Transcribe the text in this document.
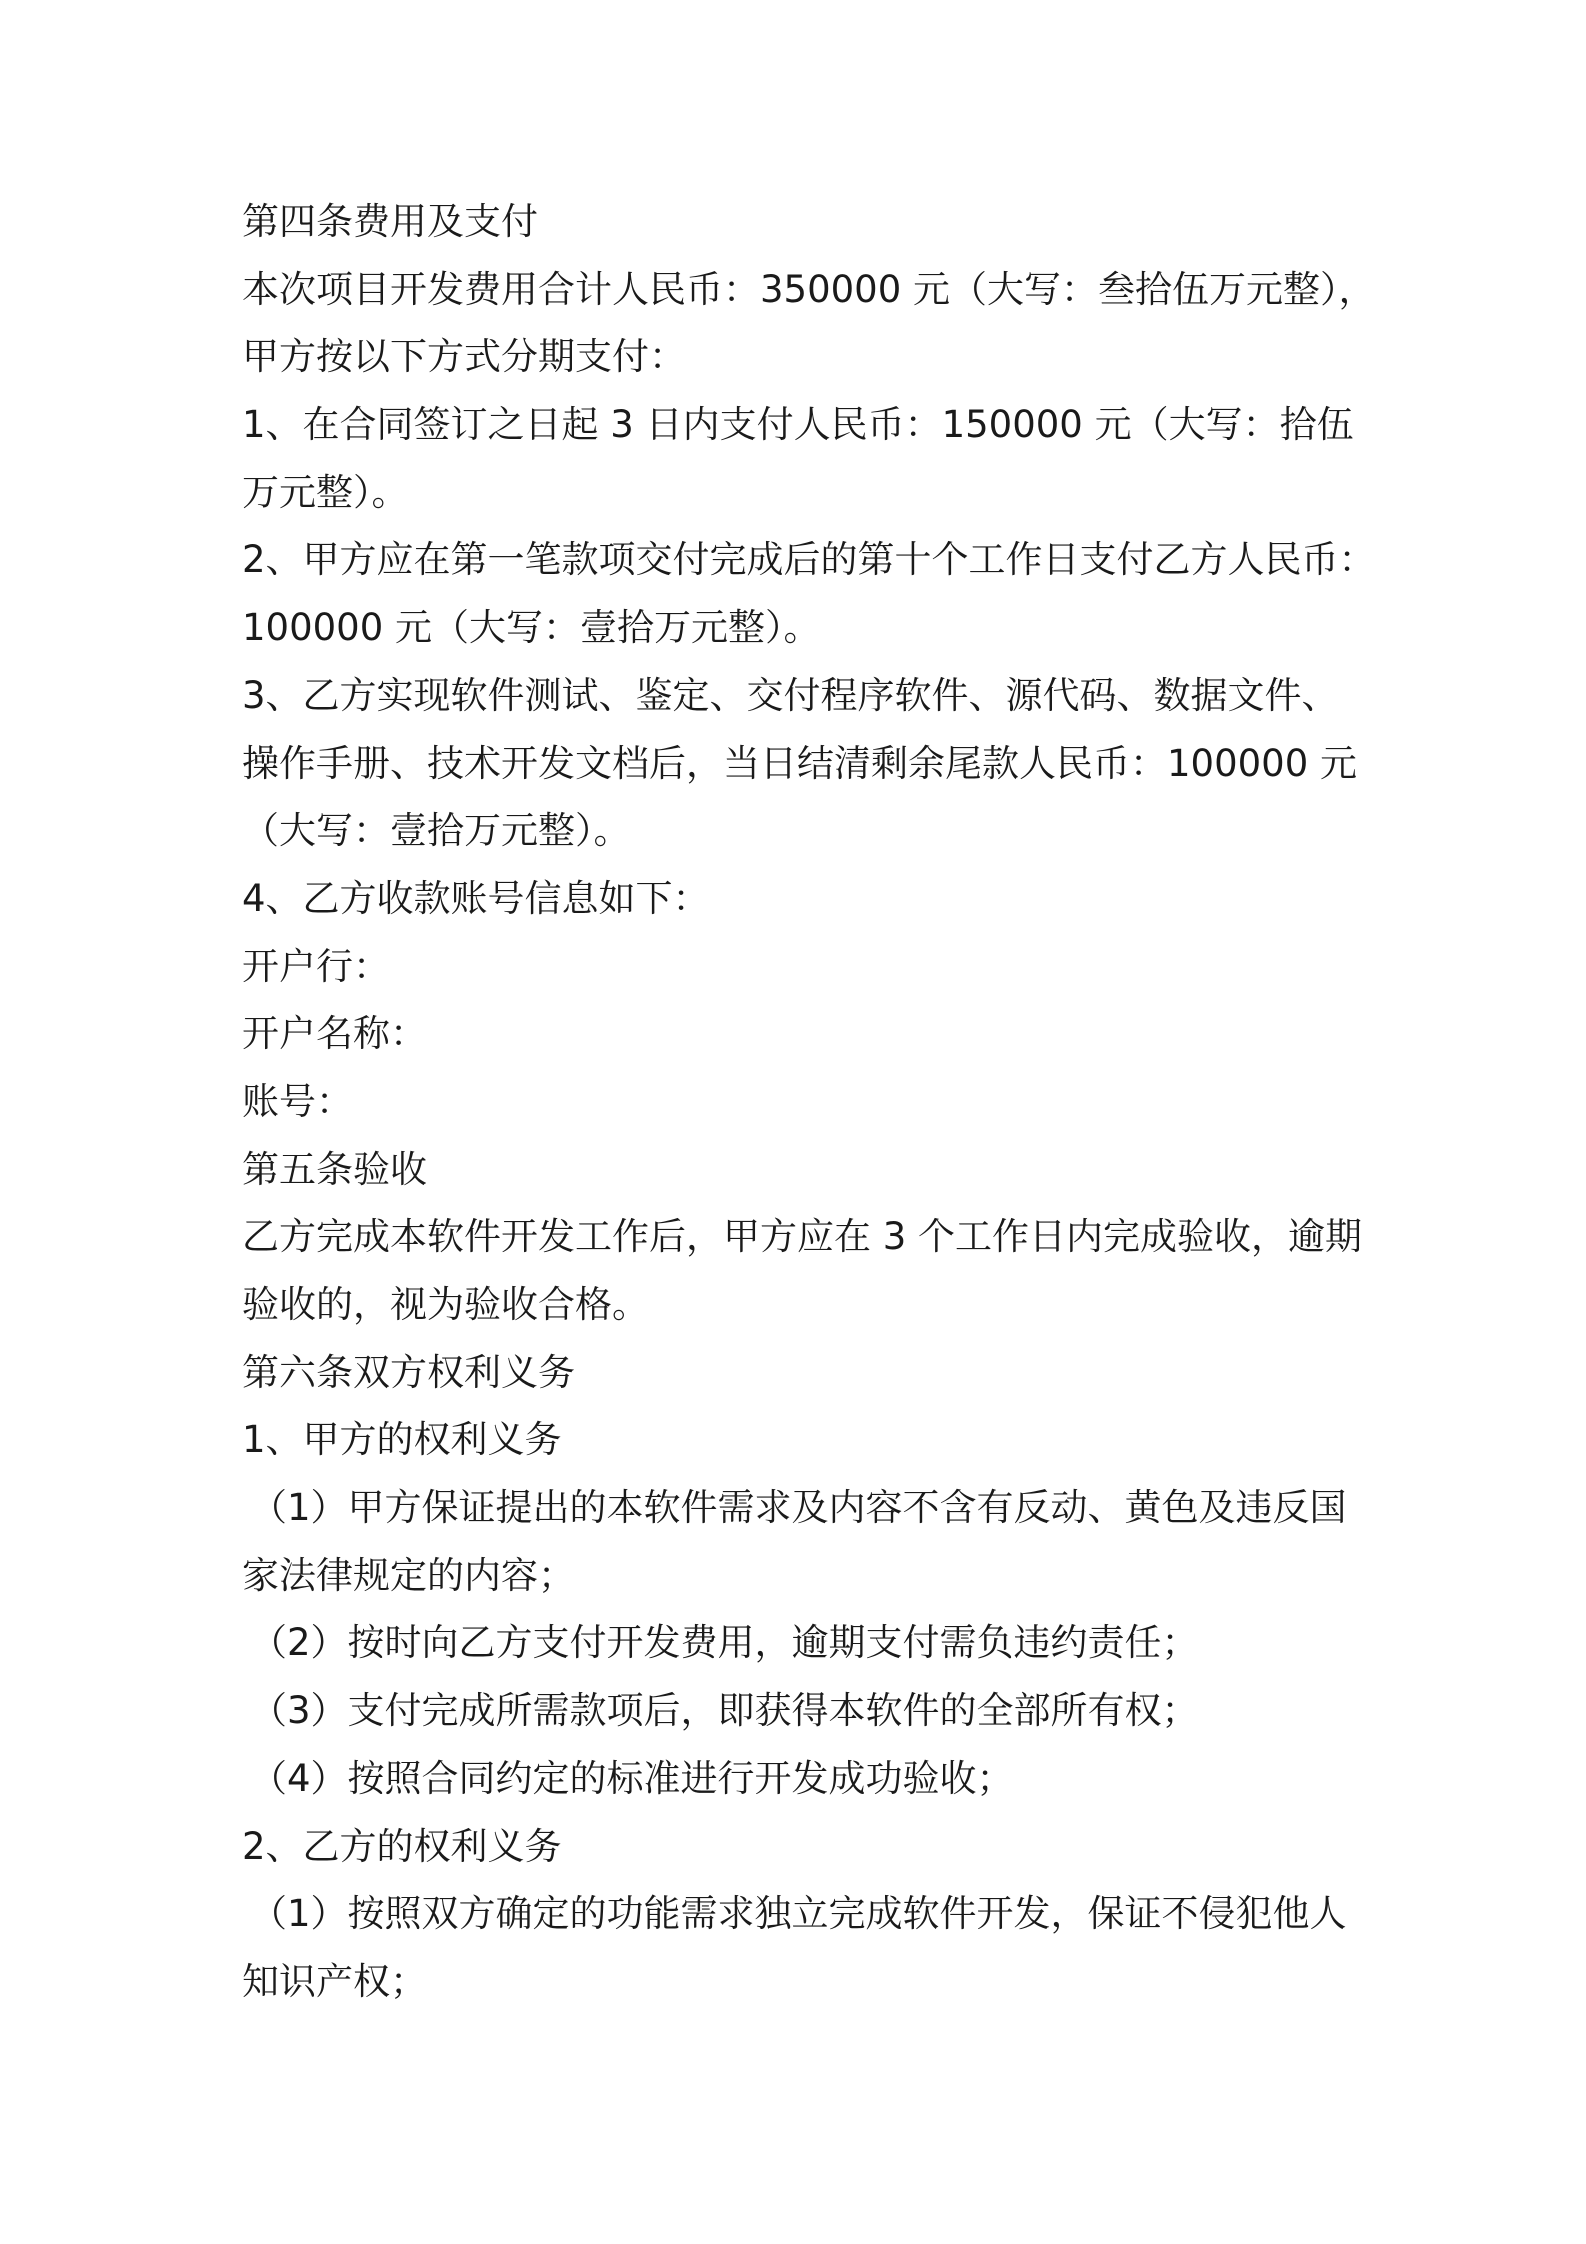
第四条费用及支付
本次项目开发费用合计人民币：350000 元（大写：叁拾伍万元整），
甲方按以下方式分期支付：
1、在合同签订之日起 3 日内支付人民币：150000 元（大写：拾伍
万元整）。
2、甲方应在第一笔款项交付完成后的第十个工作日支付乙方人民币：
100000 元（大写：壹拾万元整）。
3、乙方实现软件测试、鉴定、交付程序软件、源代码、数据文件、
操作手册、技术开发文档后，当日结清剩余尾款人民币：100000 元
（大写：壹拾万元整）。
4、乙方收款账号信息如下：
开户行：
开户名称：
账号：
第五条验收
乙方完成本软件开发工作后，甲方应在 3 个工作日内完成验收，逾期
验收的，视为验收合格。
第六条双方权利义务
1、甲方的权利义务
（1）甲方保证提出的本软件需求及内容不含有反动、黄色及违反国
家法律规定的内容；
（2）按时向乙方支付开发费用，逾期支付需负违约责任；
（3）支付完成所需款项后，即获得本软件的全部所有权；
（4）按照合同约定的标准进行开发成功验收；
2、乙方的权利义务
（1）按照双方确定的功能需求独立完成软件开发，保证不侵犯他人
知识产权；
